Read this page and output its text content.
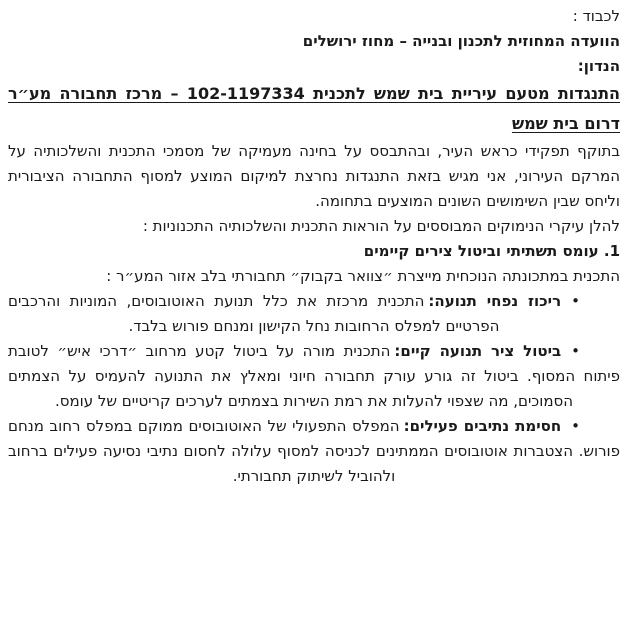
לכבוד :

הוועדה המחוזית לתכנון ובנייה – מחוז ירושלים

הנדון:

התנגדות מטעם עיריית בית שמש לתכנית 102-1197334 – מרכז תחבורה מע״ר דרום בית שמש

בתוקף תפקידי כראש העיר, ובהתבסס על בחינה מעמיקה של מסמכי התכנית והשלכותיה על המרקם העירוני, אני מגיש בזאת התנגדות נחרצת למיקום המוצע למסוף התחבורה הציבורית וליחס שבין השימושים השונים המוצעים בתחומה.

להלן עיקרי הנימוקים המבוססים על הוראות התכנית והשלכותיה התכנוניות :

1. עומס תשתיתי וביטול צירים קיימים

התכנית במתכונתה הנוכחית מייצרת ״צוואר בקבוק״ תחבורתי בלב אזור המע״ר :

•ריכוז נפחי תנועה:התכנית מרכזת את כלל תנועת האוטובוסים, המוניות והרכבים הפרטיים למפלס הרחובות נחל הקישון ומנחם פורוש בלבד.

•ביטול ציר תנועה קיים:התכנית מורה על ביטול קטע מרחוב ״דרכי איש״ לטובת פיתוח המסוף. ביטול זה גורע עורק תחבורה חיוני ומאלץ את התנועה להעמיס על הצמתים הסמוכים, מה שצפוי להעלות את רמת השירות בצמתים לערכים קריטיים של עומס.

•חסימת נתיבים פעילים:המפלס התפעולי של האוטובוסים ממוקם במפלס רחוב מנחם פורוש. הצטברות אוטובוסים הממתינים לכניסה למסוף עלולה לחסום נתיבי נסיעה פעילים ברחוב ולהוביל לשיתוק תחבורתי.
